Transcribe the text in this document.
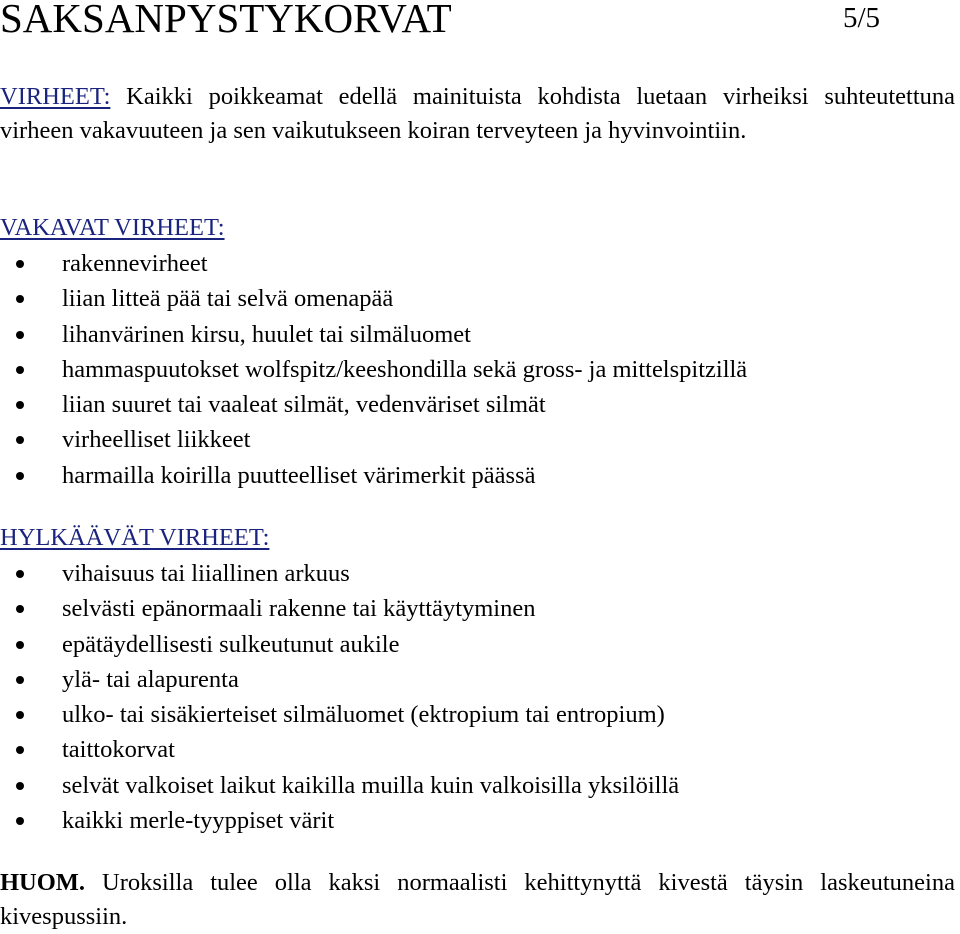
SAKSANPYSTYKORVAT	5/5

VIRHEET: Kaikki poikkeamat edellä mainituista kohdista luetaan virheiksi suhteutettuna virheen vakavuuteen ja sen vaikutukseen koiran terveyteen ja hyvinvointiin.

VAKAVAT VIRHEET:
rakennevirheet
liian litteä pää tai selvä omenapää
lihanvärinen kirsu, huulet tai silmäluomet
hammaspuutokset wolfspitz/keeshondilla sekä gross- ja mittelspitzillä
liian suuret tai vaaleat silmät, vedenväriset silmät
virheelliset liikkeet
harmailla koirilla puutteelliset värimerkit päässä
HYLKÄÄVÄT VIRHEET:
vihaisuus tai liiallinen arkuus
selvästi epänormaali rakenne tai käyttäytyminen
epätäydellisesti sulkeutunut aukile
ylä- tai alapurenta
ulko- tai sisäkierteiset silmäluomet (ektropium tai entropium)
taittokorvat
selvät valkoiset laikut kaikilla muilla kuin valkoisilla yksilöillä
kaikki merle-tyyppiset värit

HUOM. Uroksilla tulee olla kaksi normaalisti kehittynyttä kivestä täysin laskeutuneina kivespussiin.
